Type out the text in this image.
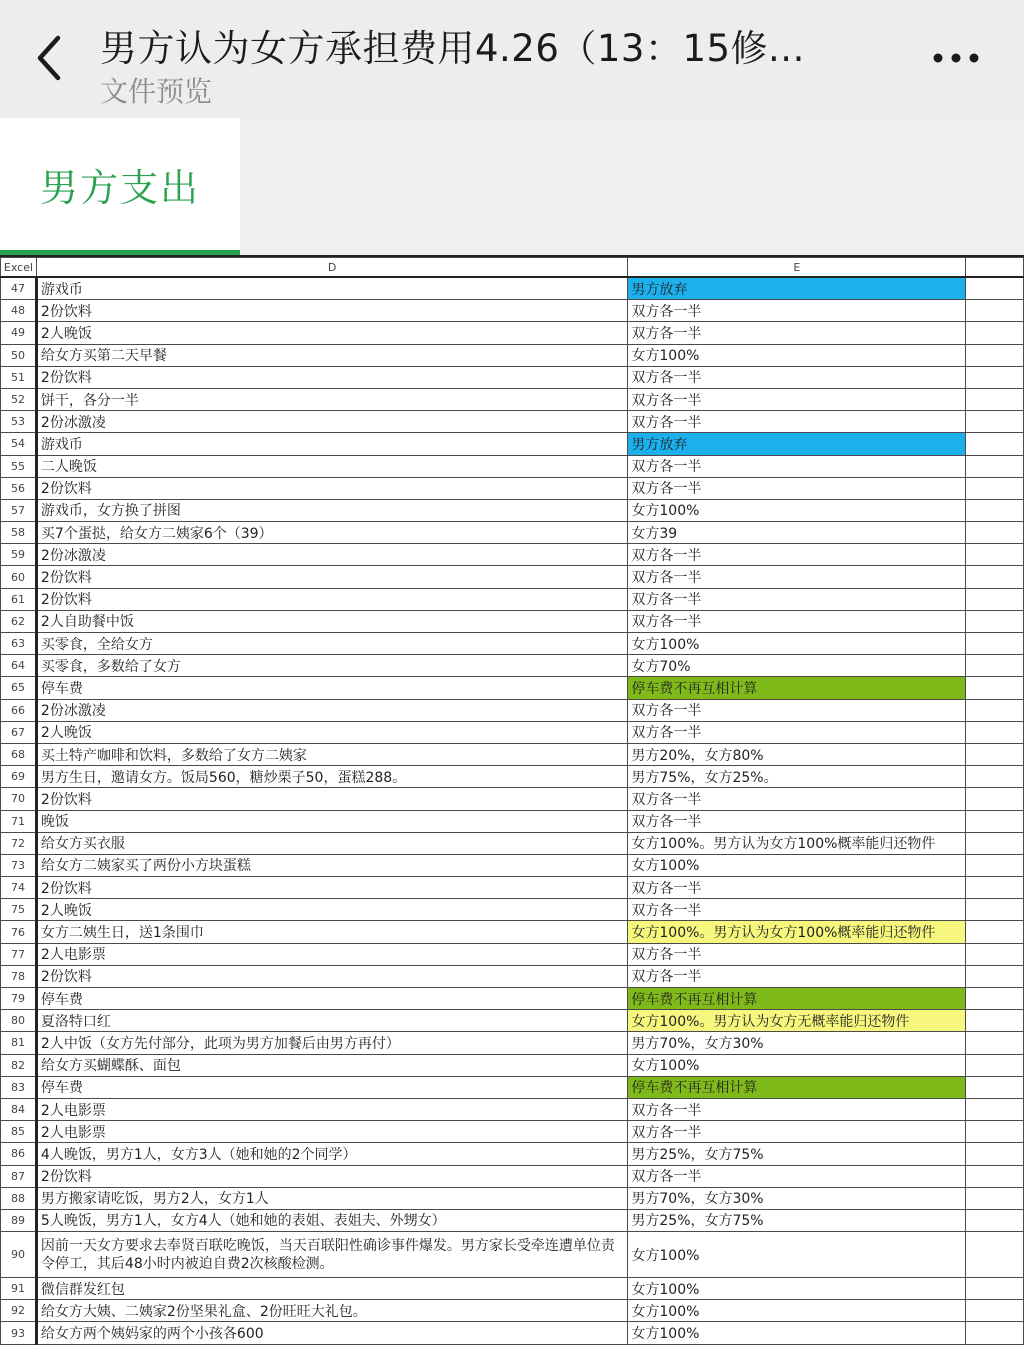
男方认为女方承担费用4.26（13：15修...
文件预览
男方支出
Excel	D	E	
47	游戏币	男方放弃	
48	2份饮料	双方各一半	
49	2人晚饭	双方各一半	
50	给女方买第二天早餐	女方100%	
51	2份饮料	双方各一半	
52	饼干，各分一半	双方各一半	
53	2份冰激凌	双方各一半	
54	游戏币	男方放弃	
55	二人晚饭	双方各一半	
56	2份饮料	双方各一半	
57	游戏币，女方换了拼图	女方100%	
58	买7个蛋挞，给女方二姨家6个（39）	女方39	
59	2份冰激凌	双方各一半	
60	2份饮料	双方各一半	
61	2份饮料	双方各一半	
62	2人自助餐中饭	双方各一半	
63	买零食，全给女方	女方100%	
64	买零食，多数给了女方	女方70%	
65	停车费	停车费不再互相计算	
66	2份冰激凌	双方各一半	
67	2人晚饭	双方各一半	
68	买土特产咖啡和饮料，多数给了女方二姨家	男方20%，女方80%	
69	男方生日，邀请女方。饭局560，糖炒栗子50，蛋糕288。	男方75%，女方25%。	
70	2份饮料	双方各一半	
71	晚饭	双方各一半	
72	给女方买衣服	女方100%。男方认为女方100%概率能归还物件	
73	给女方二姨家买了两份小方块蛋糕	女方100%	
74	2份饮料	双方各一半	
75	2人晚饭	双方各一半	
76	女方二姨生日，送1条围巾	女方100%。男方认为女方100%概率能归还物件	
77	2人电影票	双方各一半	
78	2份饮料	双方各一半	
79	停车费	停车费不再互相计算	
80	夏洛特口红	女方100%。男方认为女方无概率能归还物件	
81	2人中饭（女方先付部分，此项为男方加餐后由男方再付）	男方70%，女方30%	
82	给女方买蝴蝶酥、面包	女方100%	
83	停车费	停车费不再互相计算	
84	2人电影票	双方各一半	
85	2人电影票	双方各一半	
86	4人晚饭，男方1人，女方3人（她和她的2个同学）	男方25%，女方75%	
87	2份饮料	双方各一半	
88	男方搬家请吃饭，男方2人，女方1人	男方70%，女方30%	
89	5人晚饭，男方1人，女方4人（她和她的表姐、表姐夫、外甥女）	男方25%，女方75%	
90	因前一天女方要求去奉贤百联吃晚饭，当天百联阳性确诊事件爆发。男方家长受牵连遭单位责令停工，其后48小时内被迫自费2次核酸检测。	女方100%	
91	微信群发红包	女方100%	
92	给女方大姨、二姨家2份坚果礼盒、2份旺旺大礼包。	女方100%	
93	给女方两个姨妈家的两个小孩各600	女方100%	
